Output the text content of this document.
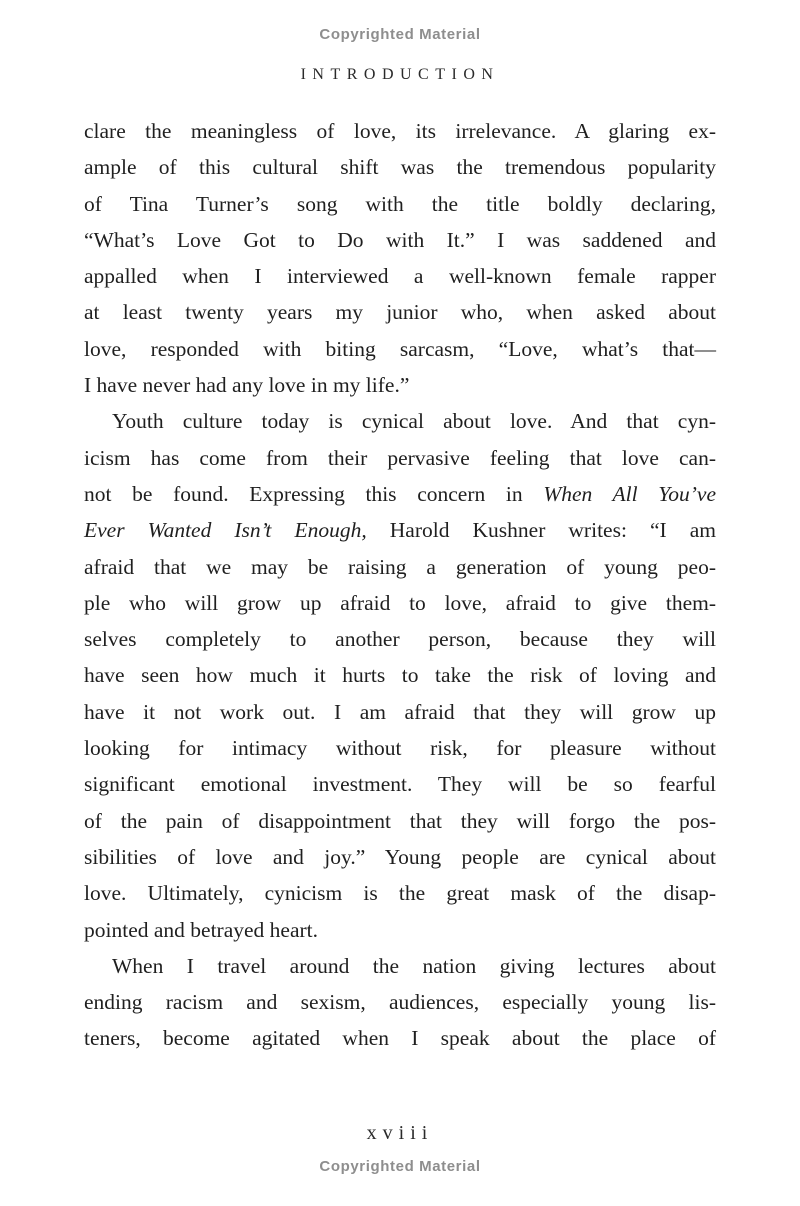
Copyrighted Material
INTRODUCTION
clare the meaningless of love, its irrelevance. A glaring ex-
ample of this cultural shift was the tremendous popularity
of Tina Turner’s song with the title boldly declaring,
“What’s Love Got to Do with It.” I was saddened and
appalled when I interviewed a well-known female rapper
at least twenty years my junior who, when asked about
love, responded with biting sarcasm, “Love, what’s that—
I have never had any love in my life.”
Youth culture today is cynical about love. And that cyn-
icism has come from their pervasive feeling that love can-
not be found. Expressing this concern in When All You’ve
Ever Wanted Isn’t Enough, Harold Kushner writes: “I am
afraid that we may be raising a generation of young peo-
ple who will grow up afraid to love, afraid to give them-
selves completely to another person, because they will
have seen how much it hurts to take the risk of loving and
have it not work out. I am afraid that they will grow up
looking for intimacy without risk, for pleasure without
significant emotional investment. They will be so fearful
of the pain of disappointment that they will forgo the pos-
sibilities of love and joy.” Young people are cynical about
love. Ultimately, cynicism is the great mask of the disap-
pointed and betrayed heart.
When I travel around the nation giving lectures about
ending racism and sexism, audiences, especially young lis-
teners, become agitated when I speak about the place of
xviii
Copyrighted Material
